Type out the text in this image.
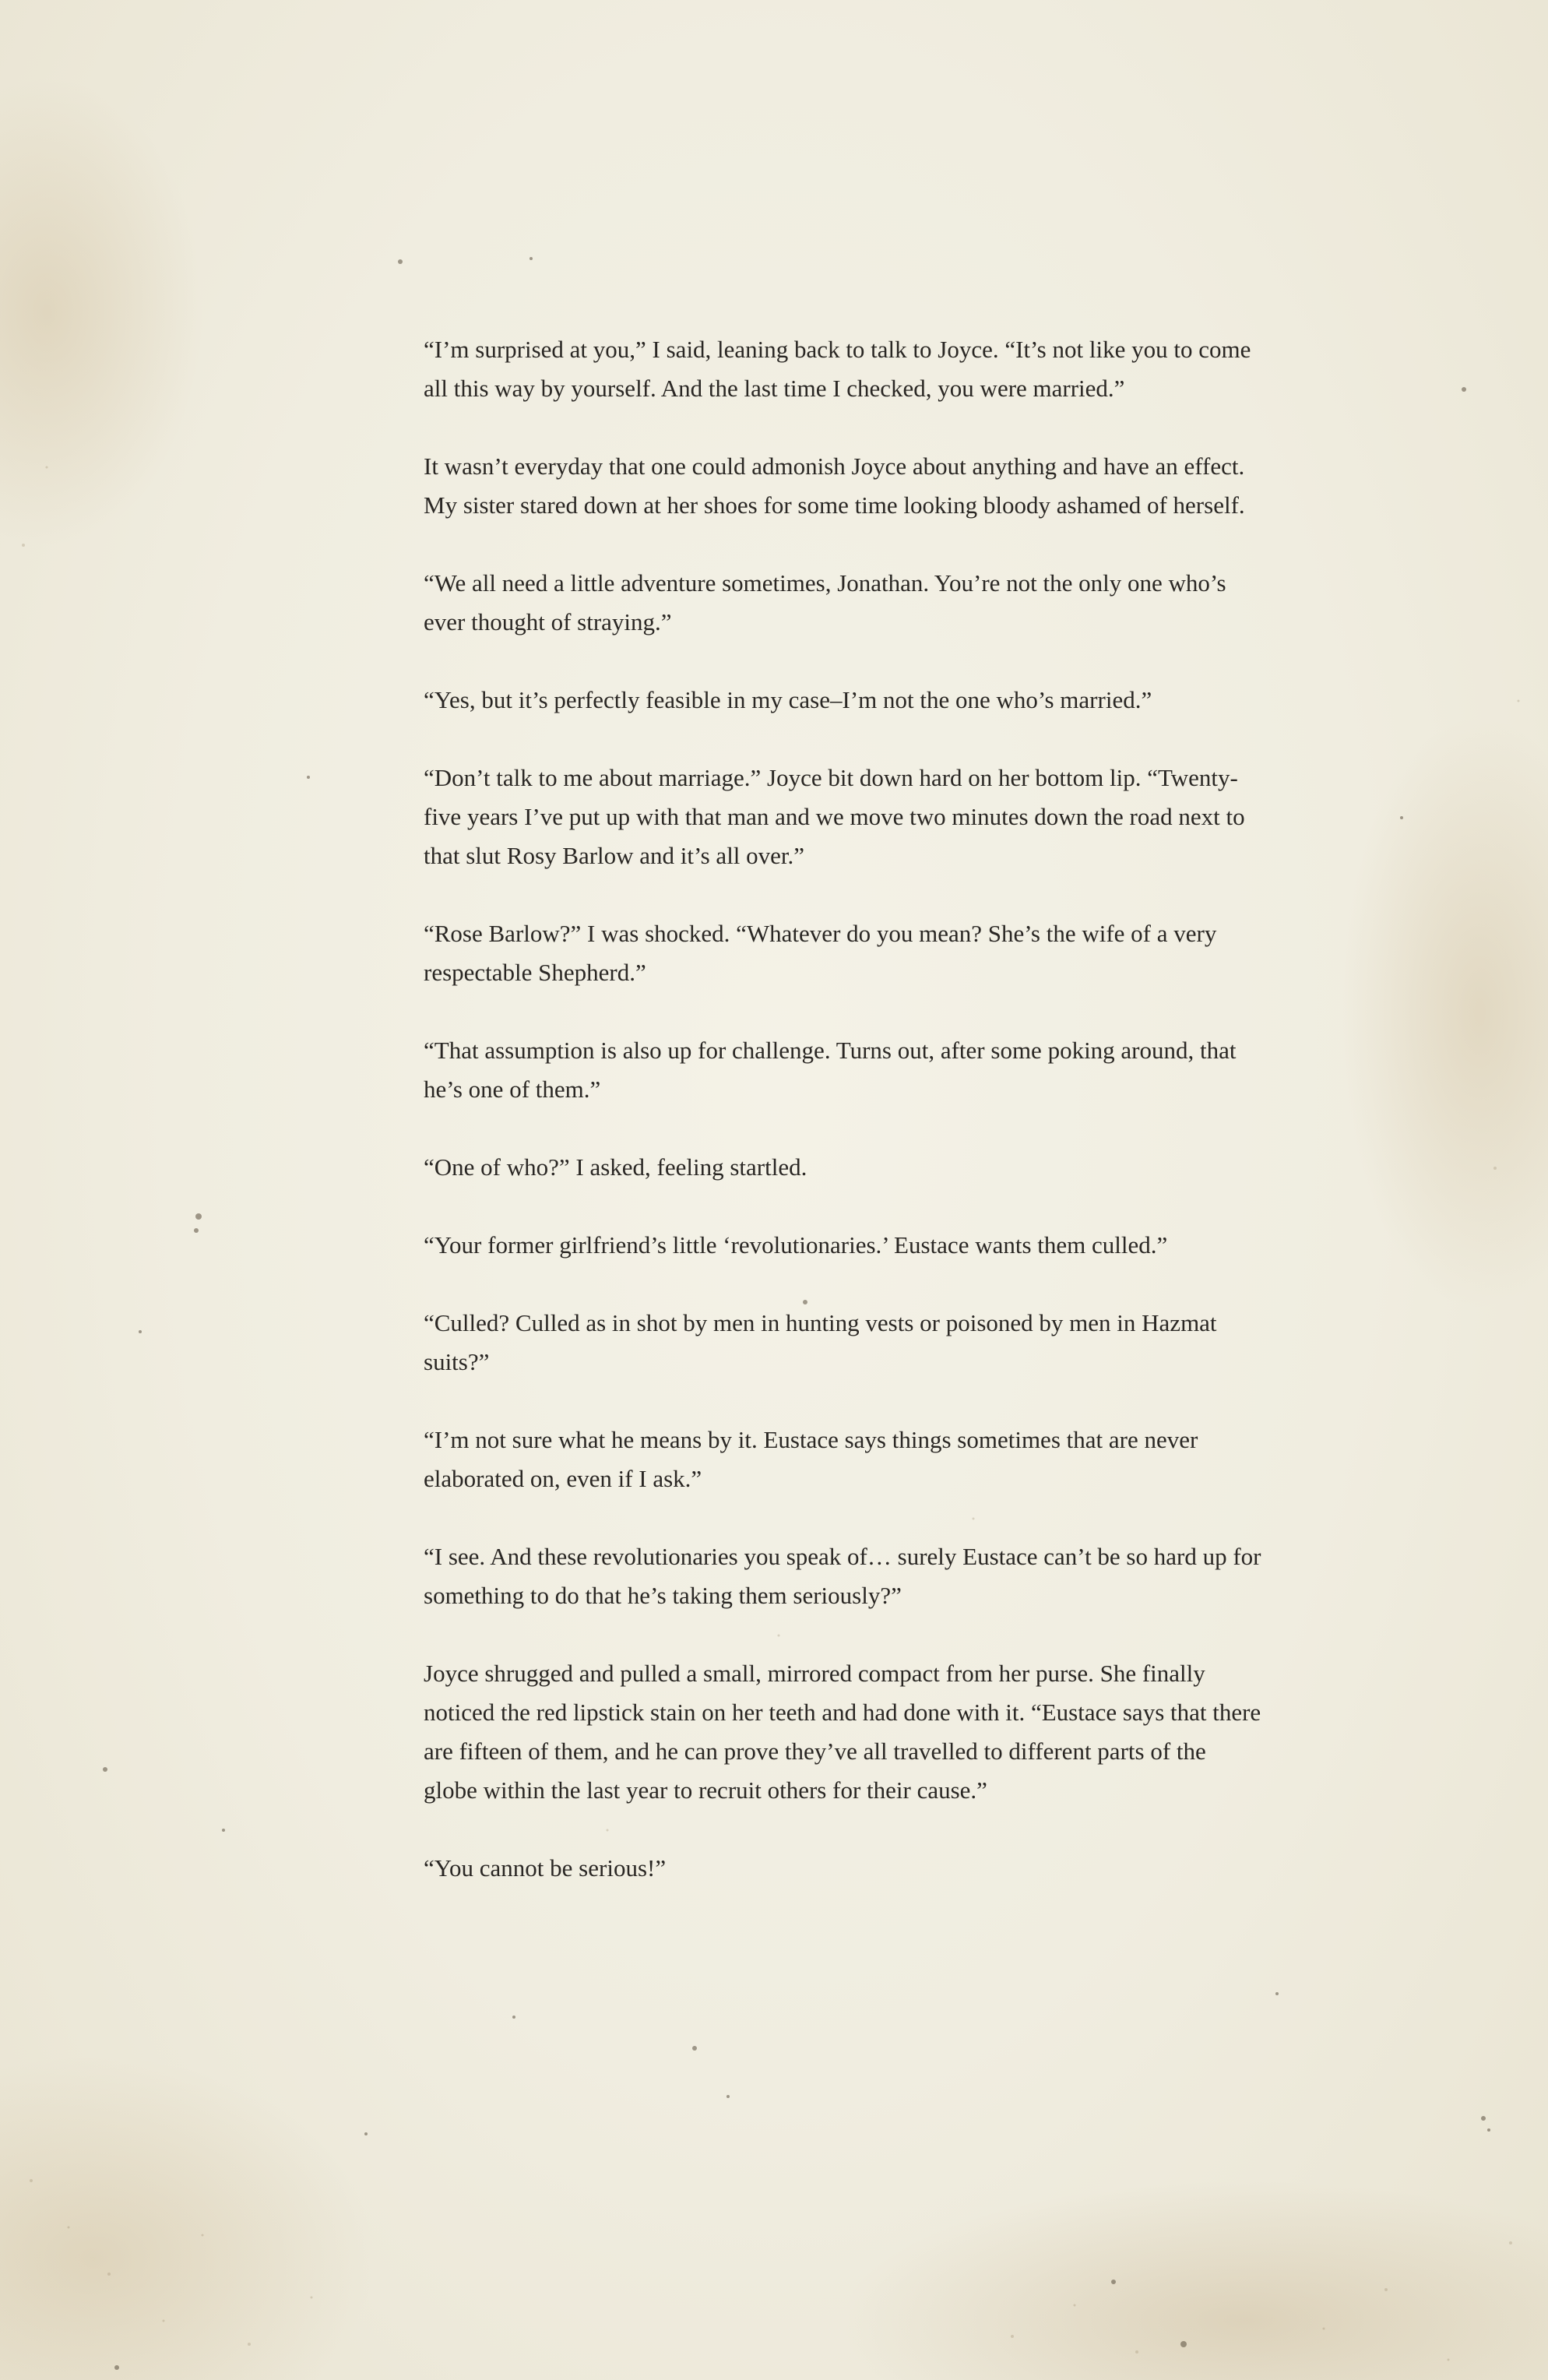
“I’m surprised at you,” I said, leaning back to talk to Joyce. “It’s not like you to come all this way by yourself. And the last time I checked, you were married.”

It wasn’t everyday that one could admonish Joyce about anything and have an effect. My sister stared down at her shoes for some time looking bloody ashamed of herself.

“We all need a little adventure sometimes, Jonathan. You’re not the only one who’s ever thought of straying.”

“Yes, but it’s perfectly feasible in my case–I’m not the one who’s married.”

“Don’t talk to me about marriage.” Joyce bit down hard on her bottom lip. “Twenty-five years I’ve put up with that man and we move two minutes down the road next to that slut Rosy Barlow and it’s all over.”

“Rose Barlow?” I was shocked. “Whatever do you mean? She’s the wife of a very respectable Shepherd.”

“That assumption is also up for challenge. Turns out, after some poking around, that he’s one of them.”

“One of who?” I asked, feeling startled.

“Your former girlfriend’s little ‘revolutionaries.’ Eustace wants them culled.”

“Culled? Culled as in shot by men in hunting vests or poisoned by men in Hazmat suits?”

“I’m not sure what he means by it. Eustace says things sometimes that are never elaborated on, even if I ask.”

“I see. And these revolutionaries you speak of… surely Eustace can’t be so hard up for something to do that he’s taking them seriously?”

Joyce shrugged and pulled a small, mirrored compact from her purse. She finally noticed the red lipstick stain on her teeth and had done with it. “Eustace says that there are fifteen of them, and he can prove they’ve all travelled to different parts of the globe within the last year to recruit others for their cause.”

“You cannot be serious!”
